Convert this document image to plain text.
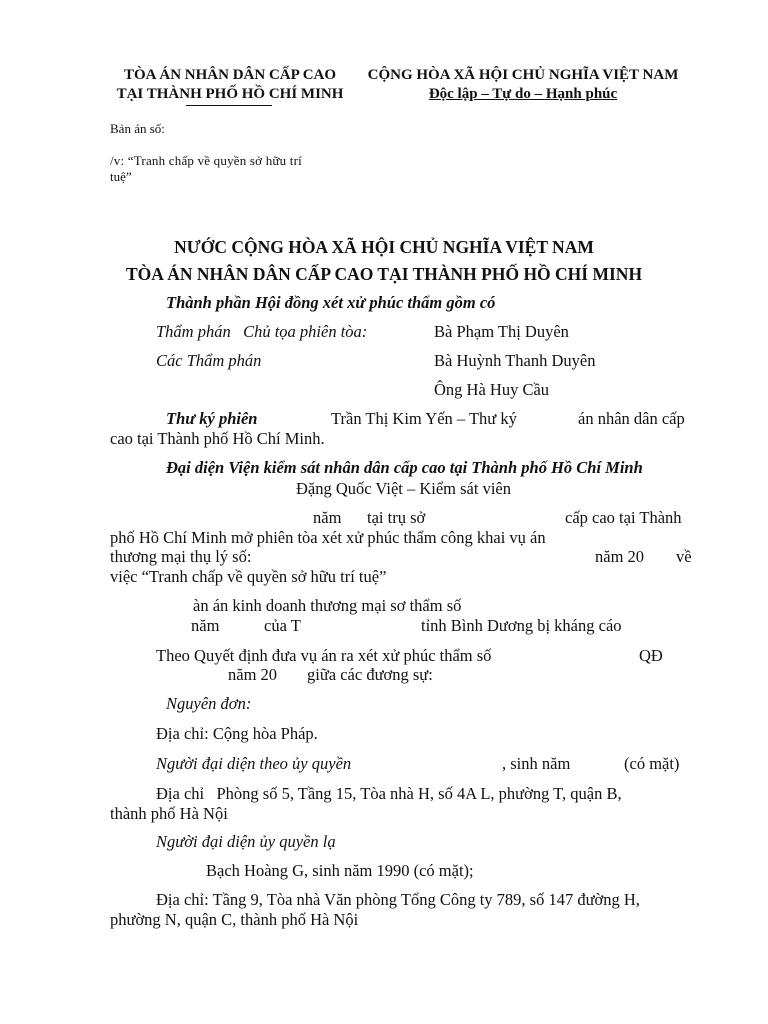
TÒA ÁN NHÂN DÂN CẤP CAO
TẠI THÀNH PHỐ HỒ CHÍ MINH
CỘNG HÒA XÃ HỘI CHỦ NGHĨA VIỆT NAM
Độc lập – Tự do – Hạnh phúc
Bản án số:
/v: “Tranh chấp về quyền sở hữu trí
tuệ”
NƯỚC CỘNG HÒA XÃ HỘI CHỦ NGHĨA VIỆT NAM
TÒA ÁN NHÂN DÂN CẤP CAO TẠI THÀNH PHỐ HỒ CHÍ MINH
Thành phần Hội đồng xét xử phúc thẩm gồm có
Thẩm phán   Chủ tọa phiên tòa:	Bà Phạm Thị Duyên
Các Thẩm phán	Bà Huỳnh Thanh Duyên
Ông Hà Huy Cầu
Thư ký phiên	Trần Thị Kim Yến – Thư ký	án nhân dân cấp
cao tại Thành phố Hồ Chí Minh.
Đại diện Viện kiểm sát nhân dân cấp cao tại Thành phố Hồ Chí Minh
Đặng Quốc Việt – Kiểm sát viên
năm tại trụ sở	cấp cao tại Thành
phố Hồ Chí Minh mở phiên tòa xét xử phúc thẩm công khai vụ án
thương mại thụ lý số:	năm 20 về
việc “Tranh chấp về quyền sở hữu trí tuệ”
àn án kinh doanh thương mại sơ thẩm số
năm	của T	tỉnh Bình Dương bị kháng cáo
Theo Quyết định đưa vụ án ra xét xử phúc thẩm số	QĐ
năm 20 giữa các đương sự:
Nguyên đơn:
Địa chỉ: Cộng hòa Pháp.
Người đại diện theo ủy quyền	, sinh năm	(có mặt)
Địa chỉ   Phòng số 5, Tầng 15, Tòa nhà H, số 4A L, phường T, quận B,
thành phố Hà Nội
Người đại diện ủy quyền lạ
Bạch Hoàng G, sinh năm 1990 (có mặt);
Địa chỉ: Tầng 9, Tòa nhà Văn phòng Tổng Công ty 789, số 147 đường H,
phường N, quận C, thành phố Hà Nội
